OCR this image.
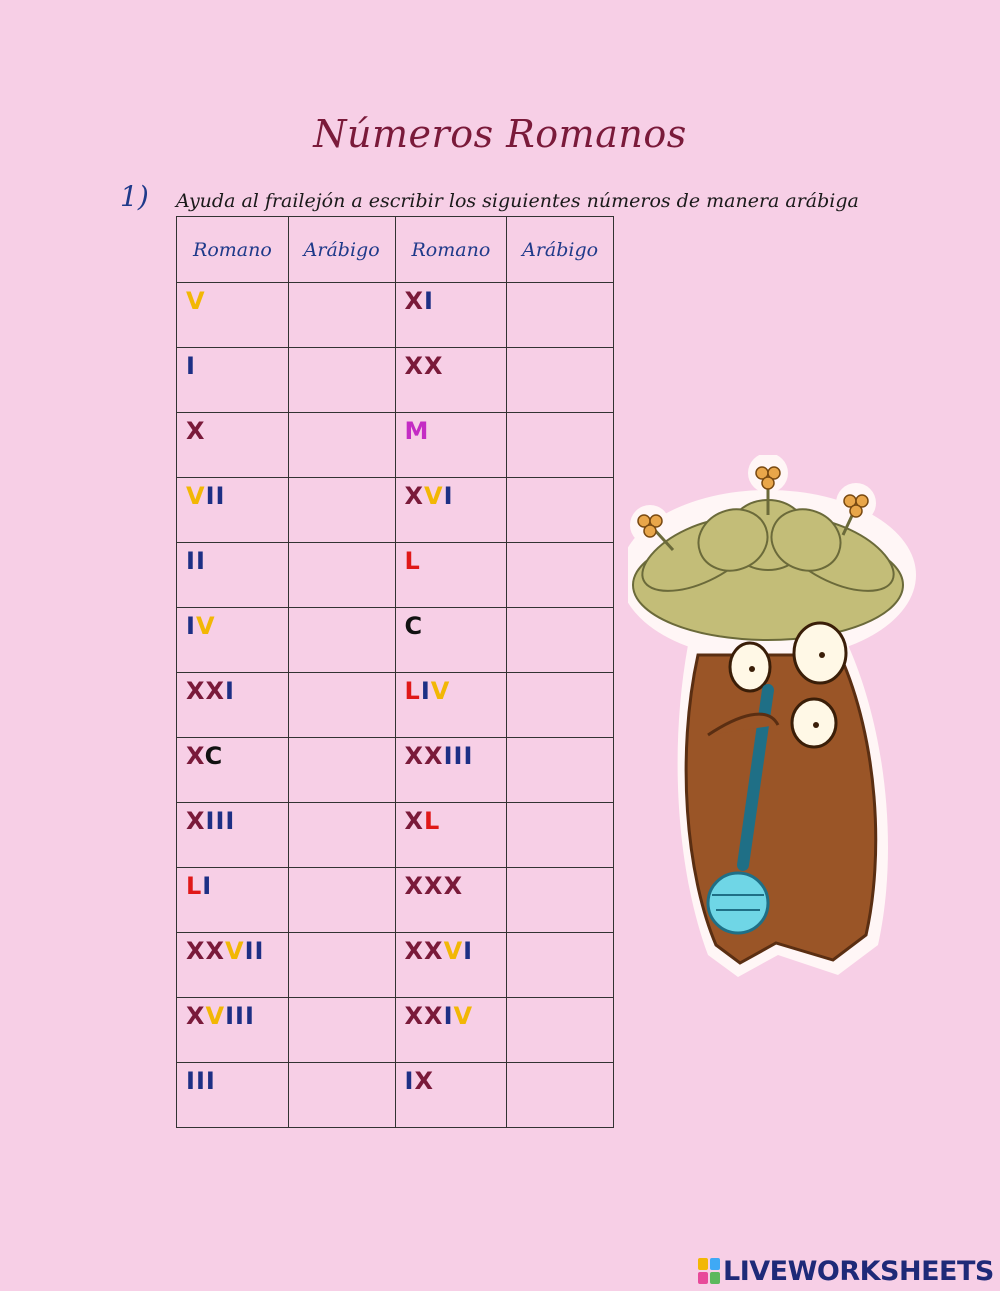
Números Romanos
1) Ayuda al frailejón a escribir los siguientes números de manera arábiga
Romano	Arábigo	Romano	Arábigo
V		XI	
I		XX	
X		M	
VII		XVI	
II		L	
IV		C	
XXI		LIV	
XC		XXIII	
XIII		XL	
LI		XXX	
XXVII		XXVI	
XVIII		XXIV	
III		IX	
LIVEWORKSHEETS
